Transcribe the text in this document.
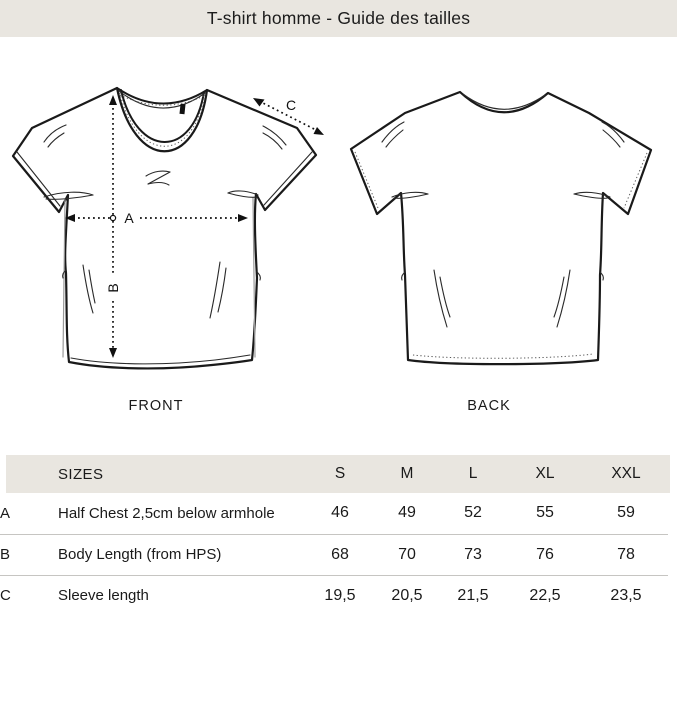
T-shirt homme - Guide des tailles
B
A
C
FRONT	BACK
	SIZES	S	M	L	XL	XXL
A	Half Chest 2,5cm below armhole	46	49	52	55	59
B	Body Length (from HPS)	68	70	73	76	78
C	Sleeve length	19,5	20,5	21,5	22,5	23,5
